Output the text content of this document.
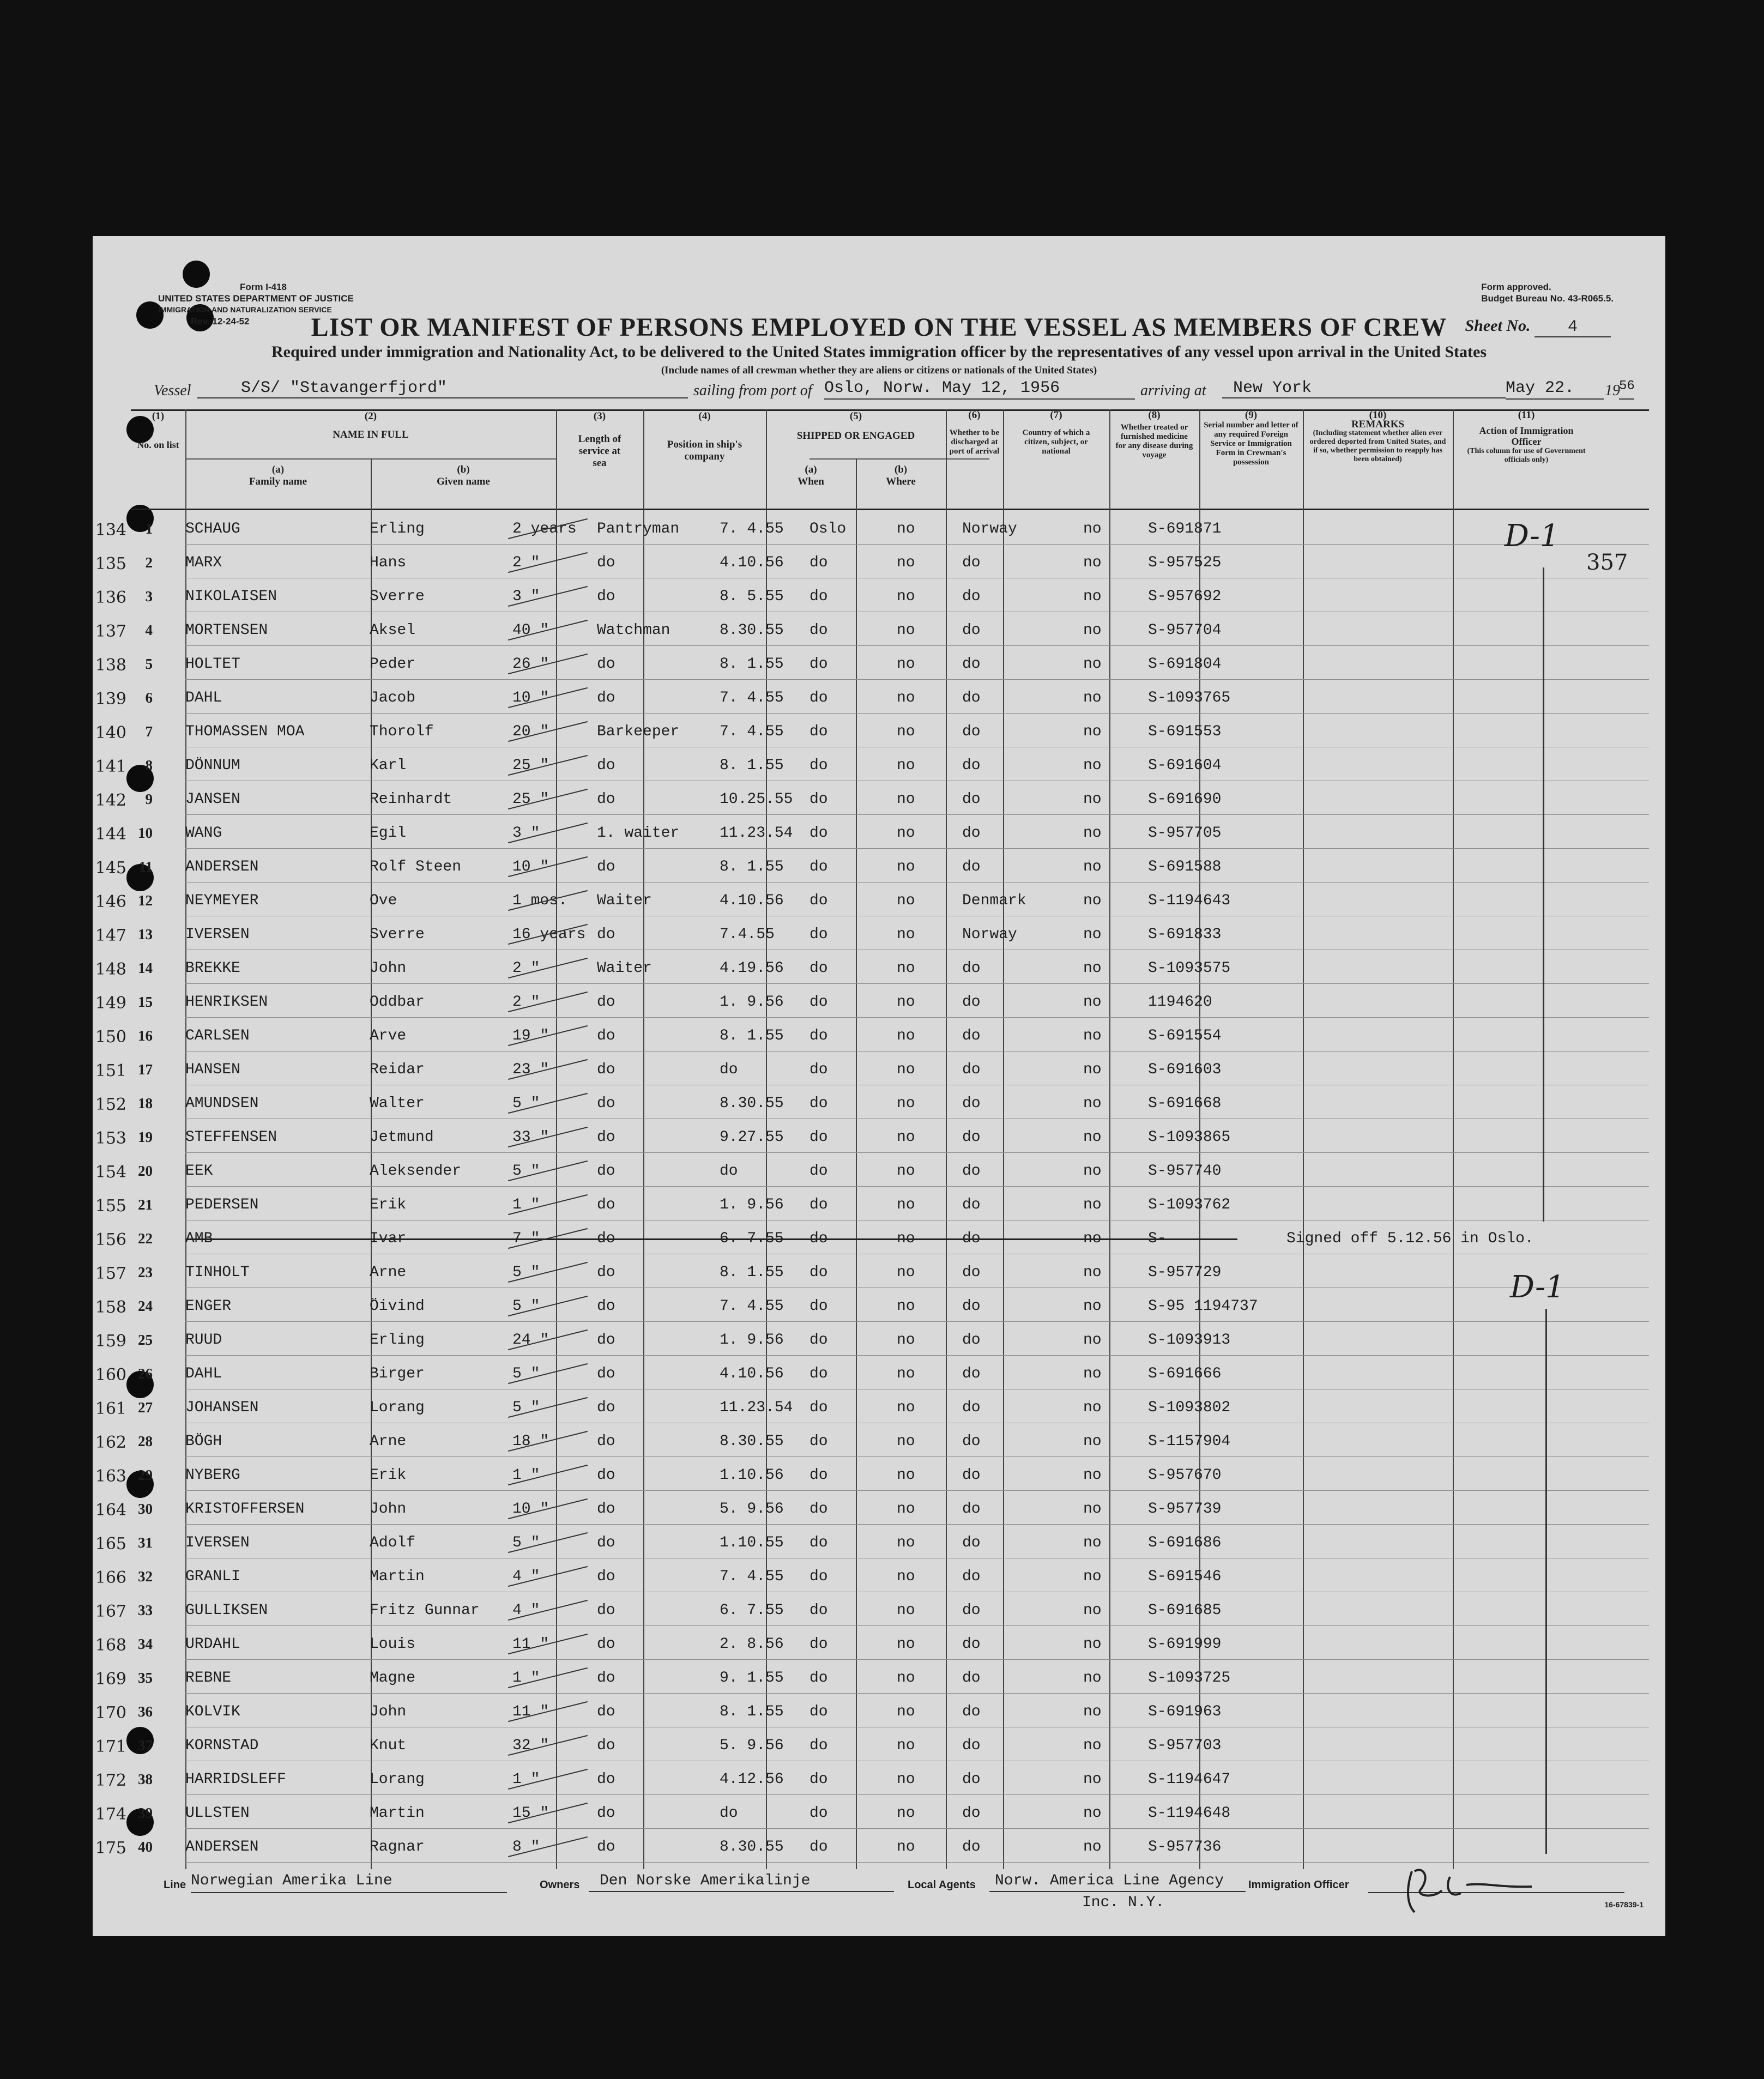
Form I-418
UNITED STATES DEPARTMENT OF JUSTICE
IMMIGRATION AND NATURALIZATION SERVICE
Rev. 12-24-52
Form approved.
Budget Bureau No. 43-R065.5.
LIST OR MANIFEST OF PERSONS EMPLOYED ON THE VESSEL AS MEMBERS OF CREW	Sheet No. 4
Required under immigration and Nationality Act, to be delivered to the United States immigration officer by the representatives of any vessel upon arrival in the United States
(Include names of all crewman whether they are aliens or citizens or nationals of the United States)
Vessel	S/S/ "Stavangerfjord"	sailing from port of Oslo, Norw. May 12, 1956	arriving at	New York	May 22.	19
56
(1)
No. on list
(2)
NAME IN FULL
(a)
Family name
(b)
Given name
(3)
Length of service at sea
(4)
Position in ship's company
(5)
SHIPPED OR ENGAGED
(a)
When
(b)
Where
(6)
Whether to be discharged at port of arrival
(7)
Country of which a citizen, subject, or national
(8)
Whether treated or furnished medicine for any disease during voyage
(9)
Serial number and letter of any required Foreign Service or Immigration Form in Crewman's possession
(10)
REMARKS
(Including statement whether alien ever ordered deported from United States, and if so, whether permission to reapply has been obtained)
(11)
Action of Immigration Officer
(This column for use of Government officials only)
134	1 SCHAUG	Erling	2 years Pantryman	7. 4.55 Oslo	no	Norway	no	S-691871
135	2 MARX	Hans	2 "	do	4.10.56 do	no	do	no	S-957525
136	3 NIKOLAISEN	Sverre	3 "	do	8. 5.55 do	no	do	no	S-957692
137	4 MORTENSEN	Aksel	40 "	Watchman	8.30.55 do	no	do	no	S-957704
138	5 HOLTET	Peder	26 "	do	8. 1.55 do	no	do	no	S-691804
139	6 DAHL	Jacob	10 "	do	7. 4.55 do	no	do	no	S-1093765
140	7 THOMASSEN MOA	Thorolf	20 "	Barkeeper	7. 4.55 do	no	do	no	S-691553
141	8 DÖNNUM	Karl	25 "	do	8. 1.55 do	no	do	no	S-691604
142	9 JANSEN	Reinhardt	25 "	do	10.25.55 do	no	do	no	S-691690
144 10 WANG	Egil	3 "	1. waiter	11.23.54 do	no	do	no	S-957705
145 11 ANDERSEN	Rolf Steen	10 "	do	8. 1.55 do	no	do	no	S-691588
146 12 NEYMEYER	Ove	1 mos. Waiter	4.10.56 do	no	Denmark	no	S-1194643
147 13 IVERSEN	Sverre	16 years do	7.4.55 do	no	Norway	no	S-691833
148 14 BREKKE	John	2 "	Waiter	4.19.56 do	no	do	no	S-1093575
149 15 HENRIKSEN	Oddbar	2 "	do	1. 9.56 do	no	do	no	1194620
150 16 CARLSEN	Arve	19 "	do	8. 1.55 do	no	do	no	S-691554
151 17 HANSEN	Reidar	23 "	do	do	do	no	do	no	S-691603
152 18 AMUNDSEN	Walter	5 "	do	8.30.55 do	no	do	no	S-691668
153 19 STEFFENSEN	Jetmund	33 "	do	9.27.55 do	no	do	no	S-1093865
154 20 EEK	Aleksender	5 "	do	do	do	no	do	no	S-957740
155 21 PEDERSEN	Erik	1 "	do	1. 9.56 do	no	do	no	S-1093762
156 22 AMB	Ivar	7 "	do	6. 7.55 do	no	do	no	S-	Signed off 5.12.56 in Oslo.
157 23 TINHOLT	Arne	5 "	do	8. 1.55 do	no	do	no	S-957729
158 24 ENGER	Öivind	5 "	do	7. 4.55 do	no	do	no	S-95 1194737
159 25 RUUD	Erling	24 "	do	1. 9.56 do	no	do	no	S-1093913
160 26 DAHL	Birger	5 "	do	4.10.56 do	no	do	no	S-691666
161 27 JOHANSEN	Lorang	5 "	do	11.23.54 do	no	do	no	S-1093802
162 28 BÖGH	Arne	18 "	do	8.30.55 do	no	do	no	S-1157904
163 29 NYBERG	Erik	1 "	do	1.10.56 do	no	do	no	S-957670
164 30 KRISTOFFERSEN	John	10 "	do	5. 9.56 do	no	do	no	S-957739
165 31 IVERSEN	Adolf	5 "	do	1.10.55 do	no	do	no	S-691686
166 32 GRANLI	Martin	4 "	do	7. 4.55 do	no	do	no	S-691546
167 33 GULLIKSEN	Fritz Gunnar 4 "	do	6. 7.55 do	no	do	no	S-691685
168 34 URDAHL	Louis	11 "	do	2. 8.56 do	no	do	no	S-691999
169 35 REBNE	Magne	1 "	do	9. 1.55 do	no	do	no	S-1093725
170 36 KOLVIK	John	11 "	do	8. 1.55 do	no	do	no	S-691963
171 37 KORNSTAD	Knut	32 "	do	5. 9.56 do	no	do	no	S-957703
172 38 HARRIDSLEFF	Lorang	1 "	do	4.12.56 do	no	do	no	S-1194647
174 39 ULLSTEN	Martin	15 "	do	do	do	no	do	no	S-1194648
175 40 ANDERSEN	Ragnar	8 "	do	8.30.55 do	no	do	no	S-957736
D-1
357
D-1
Line Norwegian Amerika Line	Owners	Den Norske Amerikalinje	Local Agents	Norw. America Line Agency
Inc. N.Y.
Immigration Officer
16-67839-1
